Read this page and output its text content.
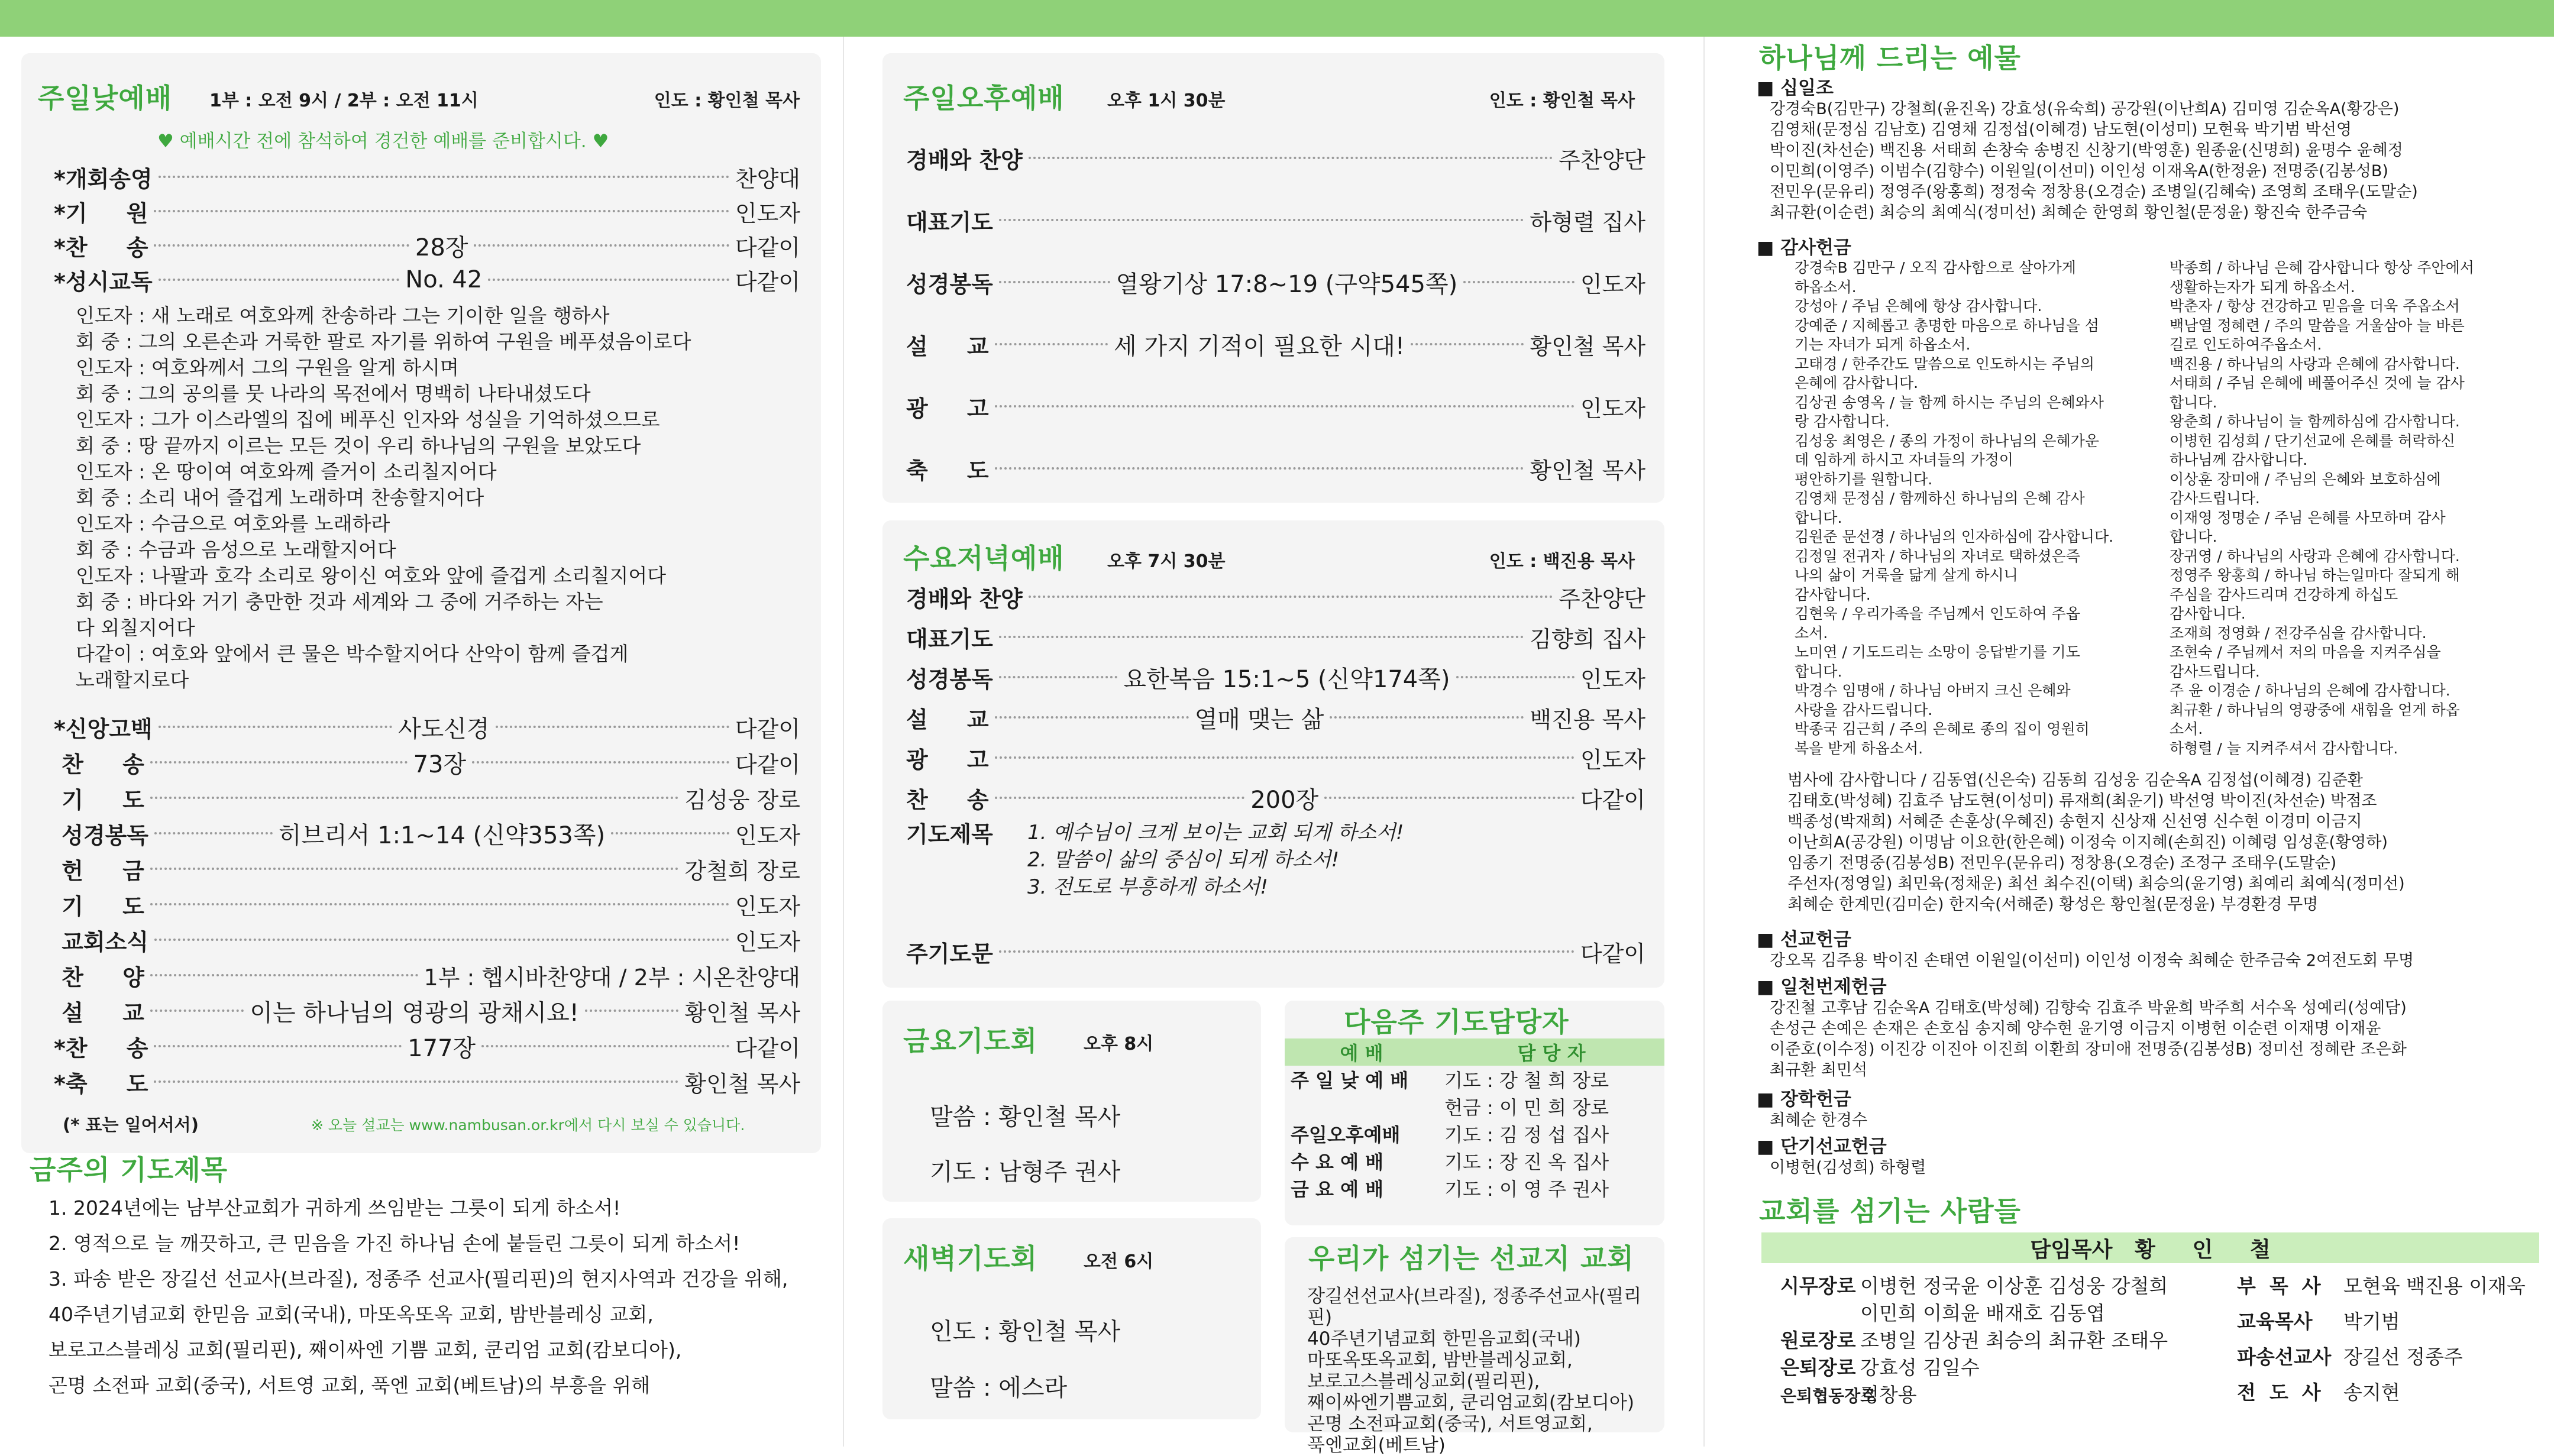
주일낮예배 1부 : 오전 9시 / 2부 : 오전 11시	인도 : 황인철 목사
♥ 예배시간 전에 참석하여 경건한 예배를 준비합시다. ♥
*개회송영	찬양대
*기     원	인도자
*찬     송	28장	다같이
*성시교독	No. 42	다같이
인도자 : 새 노래로 여호와께 찬송하라 그는 기이한 일을 행하사
회 중 : 그의 오른손과 거룩한 팔로 자기를 위하여 구원을 베푸셨음이로다
인도자 : 여호와께서 그의 구원을 알게 하시며
회 중 : 그의 공의를 뭇 나라의 목전에서 명백히 나타내셨도다
인도자 : 그가 이스라엘의 집에 베푸신 인자와 성실을 기억하셨으므로
회 중 : 땅 끝까지 이르는 모든 것이 우리 하나님의 구원을 보았도다
인도자 : 온 땅이여 여호와께 즐거이 소리칠지어다
회 중 : 소리 내어 즐겁게 노래하며 찬송할지어다
인도자 : 수금으로 여호와를 노래하라
회 중 : 수금과 음성으로 노래할지어다
인도자 : 나팔과 호각 소리로 왕이신 여호와 앞에 즐겁게 소리칠지어다
회 중 : 바다와 거기 충만한 것과 세계와 그 중에 거주하는 자는
다 외칠지어다
다같이 : 여호와 앞에서 큰 물은 박수할지어다 산악이 함께 즐겁게
노래할지로다
*신앙고백	사도신경	다같이
찬     송	73장	다같이
기     도	김성웅 장로
성경봉독	히브리서 1:1~14 (신약353쪽)	인도자
헌     금	강철희 장로
기     도	인도자
교회소식	인도자
찬     양	1부 : 헵시바찬양대 / 2부 : 시온찬양대
설     교	이는 하나님의 영광의 광채시요!	황인철 목사
*찬     송	177장	다같이
*축     도	황인철 목사
(* 표는 일어서서)	※ 오늘 설교는 www.nambusan.or.kr에서 다시 보실 수 있습니다.
금주의 기도제목
1. 2024년에는 남부산교회가 귀하게 쓰임받는 그릇이 되게 하소서!
2. 영적으로 늘 깨끗하고, 큰 믿음을 가진 하나님 손에 붙들린 그릇이 되게 하소서!
3. 파송 받은 장길선 선교사(브라질), 정종주 선교사(필리핀)의 현지사역과 건강을 위해,
40주년기념교회 한믿음 교회(국내), 마또옥또옥 교회, 밤반블레싱 교회,
보로고스블레싱 교회(필리핀), 째이싸엔 기쁨 교회, 쿤리엄 교회(캄보디아),
곤명 소전파 교회(중국), 서트영 교회, 푹엔 교회(베트남)의 부흥을 위해
주일오후예배 오후 1시 30분	인도 : 황인철 목사
경배와 찬양	주찬양단
대표기도	하형렬 집사
성경봉독	열왕기상 17:8~19 (구약545쪽)	인도자
설     교	세 가지 기적이 필요한 시대!	황인철 목사
광     고	인도자
축     도	황인철 목사
수요저녁예배 오후 7시 30분	인도 : 백진용 목사
경배와 찬양	주찬양단
대표기도	김향희 집사
성경봉독	요한복음 15:1~5 (신약174쪽)	인도자
설     교	열매 맺는 삶	백진용 목사
광     고	인도자
찬     송	200장	다같이
기도제목 1. 예수님이 크게 보이는 교회 되게 하소서!
2. 말씀이 삶의 중심이 되게 하소서!
3. 전도로 부흥하게 하소서!
주기도문	다같이
금요기도회	오후 8시
말씀 : 황인철 목사
기도 : 남형주 권사
새벽기도회	오전 6시
인도 : 황인철 목사
말씀 : 에스라
다음주 기도담당자
예 배	담 당 자
주 일 낮 예 배	기도 : 강 철 희 장로
	헌금 : 이 민 희 장로
주일오후예배	기도 : 김 정 섭 집사
수 요 예 배	기도 : 장 진 옥 집사
금 요 예 배	기도 : 이 영 주 권사
우리가 섬기는 선교지 교회
장길선선교사(브라질), 정종주선교사(필리핀)
40주년기념교회 한믿음교회(국내)
마또옥또옥교회, 밤반블레싱교회,
보로고스블레싱교회(필리핀),
째이싸엔기쁨교회, 쿤리엄교회(캄보디아)
곤명 소전파교회(중국), 서트영교회,
푹엔교회(베트남)
하나님께 드리는 예물
■ 십일조
강경숙B(김만구) 강철희(윤진옥) 강효성(유숙희) 공강원(이난희A) 김미영 김순옥A(황강은)
김영채(문정심 김남호) 김영채 김정섭(이혜경) 남도현(이성미) 모현육 박기범 박선영
박이진(차선순) 백진용 서태희 손창숙 송병진 신창기(박영훈) 원종윤(신명희) 윤명수 윤혜정
이민희(이영주) 이범수(김향수) 이원일(이선미) 이인성 이재옥A(한정윤) 전명중(김봉성B)
전민우(문유리) 정영주(왕홍희) 정정숙 정창용(오경순) 조병일(김혜숙) 조영희 조태우(도말순)
최규환(이순련) 최승의 최예식(정미선) 최혜순 한영희 황인철(문정윤) 황진숙 한주금숙
■ 감사헌금
강경숙B 김만구 / 오직 감사함으로 살아가게
하옵소서.
강성아 / 주님 은혜에 항상 감사합니다.
강예준 / 지혜롭고 총명한 마음으로 하나님을 섬
기는 자녀가 되게 하옵소서.
고태경 / 한주간도 말씀으로 인도하시는 주님의
은혜에 감사합니다.
김상권 송영옥 / 늘 함께 하시는 주님의 은혜와사
랑 감사합니다.
김성웅 최영은 / 종의 가정이 하나님의 은혜가운
데 임하게 하시고 자녀들의 가정이
평안하기를 원합니다.
김영채 문정심 / 함께하신 하나님의 은혜 감사
합니다.
김원준 문선경 / 하나님의 인자하심에 감사합니다.
김정일 전귀자 / 하나님의 자녀로 택하셨은즉
나의 삶이 거룩을 닮게 살게 하시니
감사합니다.
김현욱 / 우리가족을 주님께서 인도하여 주옵
소서.
노미연 / 기도드리는 소망이 응답받기를 기도
합니다.
박경수 임명애 / 하나님 아버지 크신 은혜와
사랑을 감사드립니다.
박종국 김근희 / 주의 은혜로 종의 집이 영원히
복을 받게 하옵소서.
박종희 / 하나님 은혜 감사합니다 항상 주안에서
생활하는자가 되게 하옵소서.
박춘자 / 항상 건강하고 믿음을 더욱 주옵소서
백남열 정혜련 / 주의 말씀을 거울삼아 늘 바른
길로 인도하여주옵소서.
백진용 / 하나님의 사랑과 은혜에 감사합니다.
서태희 / 주님 은혜에 베풀어주신 것에 늘 감사
합니다.
왕춘희 / 하나님이 늘 함께하심에 감사합니다.
이병헌 김성희 / 단기선교에 은혜를 허락하신
하나님께 감사합니다.
이상훈 장미애 / 주님의 은혜와 보호하심에
감사드립니다.
이재영 정명순 / 주님 은혜를 사모하며 감사
합니다.
장귀영 / 하나님의 사랑과 은혜에 감사합니다.
정영주 왕홍희 / 하나님 하는일마다 잘되게 해
주심을 감사드리며 건강하게 하십도
감사합니다.
조재희 정영화 / 전강주심을 감사합니다.
조현숙 / 주님께서 저의 마음을 지켜주심을
감사드립니다.
주 윤 이경순 / 하나님의 은혜에 감사합니다.
최규환 / 하나님의 영광중에 새힘을 얻게 하옵
소서.
하형렬 / 늘 지켜주셔서 감사합니다.
범사에 감사합니다 / 김동엽(신은숙) 김동희 김성웅 김순옥A 김정섭(이혜경) 김준환
김태호(박성혜) 김효주 남도현(이성미) 류재희(최운기) 박선영 박이진(차선순) 박점조
백종성(박재희) 서혜준 손훈상(우혜진) 송현지 신상재 신선영 신수현 이경미 이금지
이난희A(공강원) 이명남 이요한(한은혜) 이정숙 이지혜(손희진) 이혜령 임성훈(황영하)
임종기 전명중(김봉성B) 전민우(문유리) 정창용(오경순) 조정구 조태우(도말순)
주선자(정영일) 최민육(정채운) 최선 최수진(이택) 최승의(윤기영) 최예리 최예식(정미선)
최혜순 한계민(김미순) 한지숙(서해준) 황성은 황인철(문정윤) 부경환경 무명
■ 선교헌금
강오목 김주용 박이진 손태연 이원일(이선미) 이인성 이정숙 최혜순 한주금숙 2여전도회 무명
■ 일천번제헌금
강진철 고후남 김순옥A 김태호(박성혜) 김향숙 김효주 박윤희 박주희 서수옥 성예리(성예담)
손성근 손예은 손재은 손호심 송지혜 양수현 윤기영 이금지 이병헌 이순련 이재명 이재윤
이준호(이수정) 이진강 이진아 이진희 이환희 장미애 전명중(김봉성B) 정미선 정혜란 조은화
최규환 최민석
■ 장학헌금
최혜순 한경수
■ 단기선교헌금
이병헌(김성희) 하형렬
교회를 섬기는 사람들
담임목사   황     인     철
시무장로 이병헌 정국윤 이상훈 김성웅 강철희
이민희 이희윤 배재호 김동엽
원로장로 조병일 김상권 최승의 최규환 조태우
은퇴장로 강효성 김일수
은퇴협동장로정창용
부  목  사 모현육 백진용 이재욱
교육목사 박기범
파송선교사 장길선 정종주
전  도  사 송지현
